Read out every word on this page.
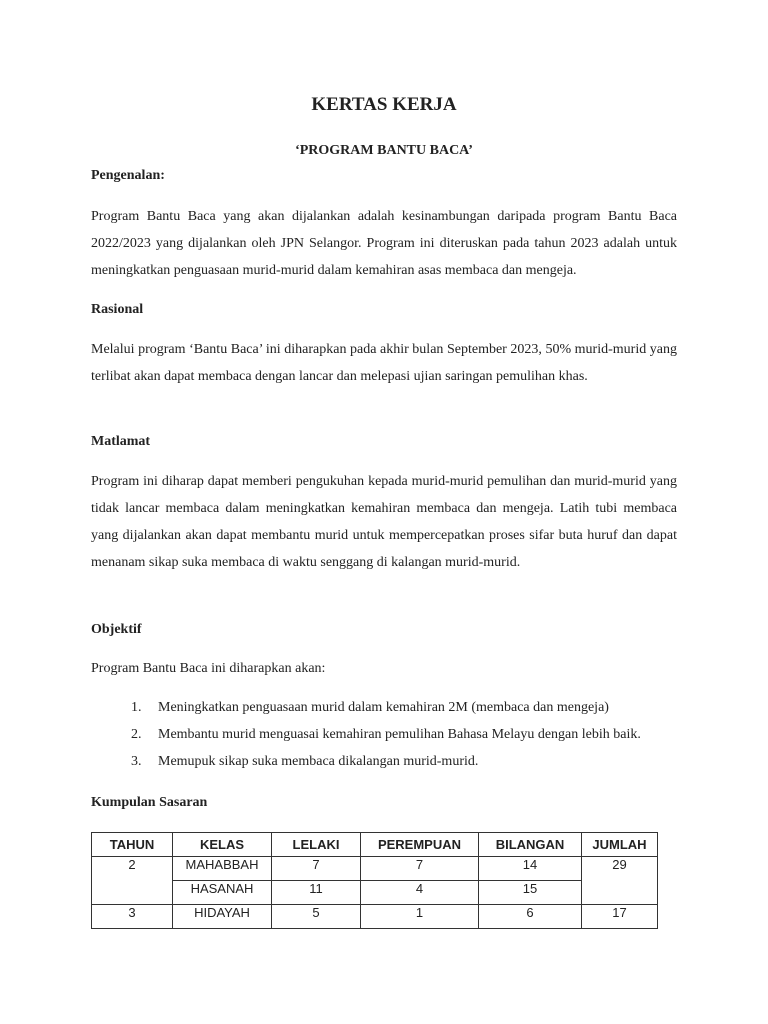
KERTAS KERJA
‘PROGRAM BANTU BACA’
Pengenalan:

Program Bantu Baca yang akan dijalankan adalah kesinambungan daripada program Bantu Baca 2022/2023 yang dijalankan oleh JPN Selangor. Program ini diteruskan pada tahun 2023 adalah untuk meningkatkan penguasaan murid-murid dalam kemahiran asas membaca dan mengeja.

Rasional

Melalui program ‘Bantu Baca’ ini diharapkan pada akhir bulan September 2023, 50% murid-murid yang terlibat akan dapat membaca dengan lancar dan melepasi ujian saringan pemulihan khas.

Matlamat

Program ini diharap dapat memberi pengukuhan kepada murid-murid pemulihan dan murid-murid yang tidak lancar membaca dalam meningkatkan kemahiran membaca dan mengeja. Latih tubi membaca yang dijalankan akan dapat membantu murid untuk mempercepatkan proses sifar buta huruf dan dapat menanam sikap suka membaca di waktu senggang di kalangan murid-murid.

Objektif

Program Bantu Baca ini diharapkan akan:

1. Meningkatkan penguasaan murid dalam kemahiran 2M (membaca dan mengeja)
2. Membantu murid menguasai kemahiran pemulihan Bahasa Melayu dengan lebih baik.
3. Memupuk sikap suka membaca dikalangan murid-murid.
Kumpulan Sasaran
TAHUN	KELAS	LELAKI	PEREMPUAN	BILANGAN	JUMLAH
2	MAHABBAH	7	7	14	29
	HASANAH	11	4	15	
3	HIDAYAH	5	1	6	17
